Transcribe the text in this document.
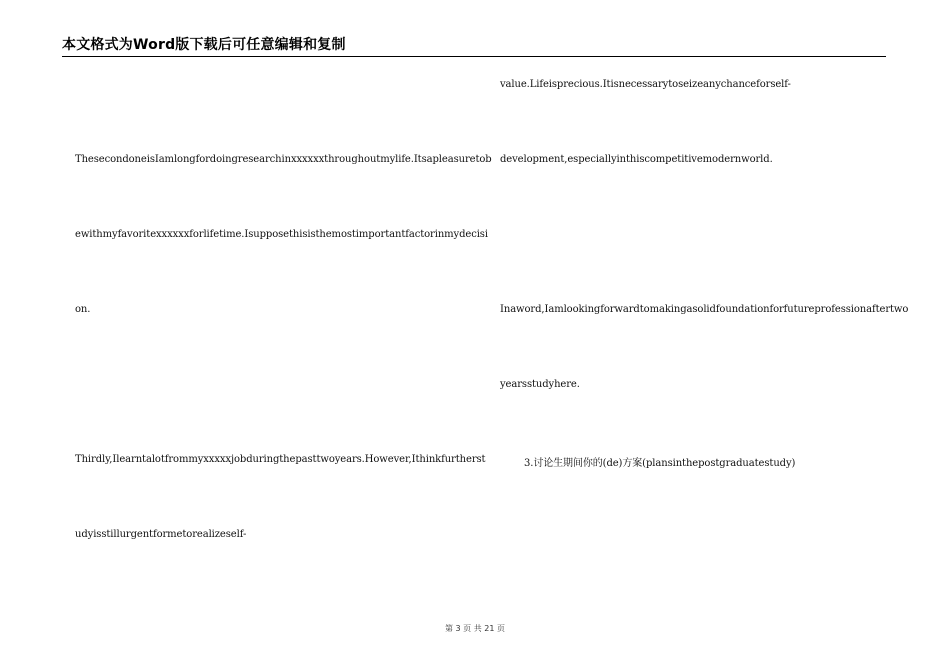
本文格式为Word版下载后可任意编辑和复制
ThesecondoneisIamlongfordoingresearchinxxxxxxthroughoutmylife.Itsapleasuretob
ewithmyfavoritexxxxxxforlifetime.Isupposethisisthemostimportantfactorinmydecisi
on.
Thirdly,Ilearntalotfrommyxxxxxjobduringthepasttwoyears.However,Ithinkfurtherst
udyisstillurgentformetorealizeself-
value.Lifeisprecious.Itisnecessarytoseizeanychanceforself-
development,especiallyinthiscompetitivemodernworld.
Inaword,Iamlookingforwardtomakingasolidfoundationforfutureprofessionaftertwo
yearsstudyhere.
3.讨论生期间你的(de)方案(plansinthepostgraduatestudy)
第 3 页 共 21 页
